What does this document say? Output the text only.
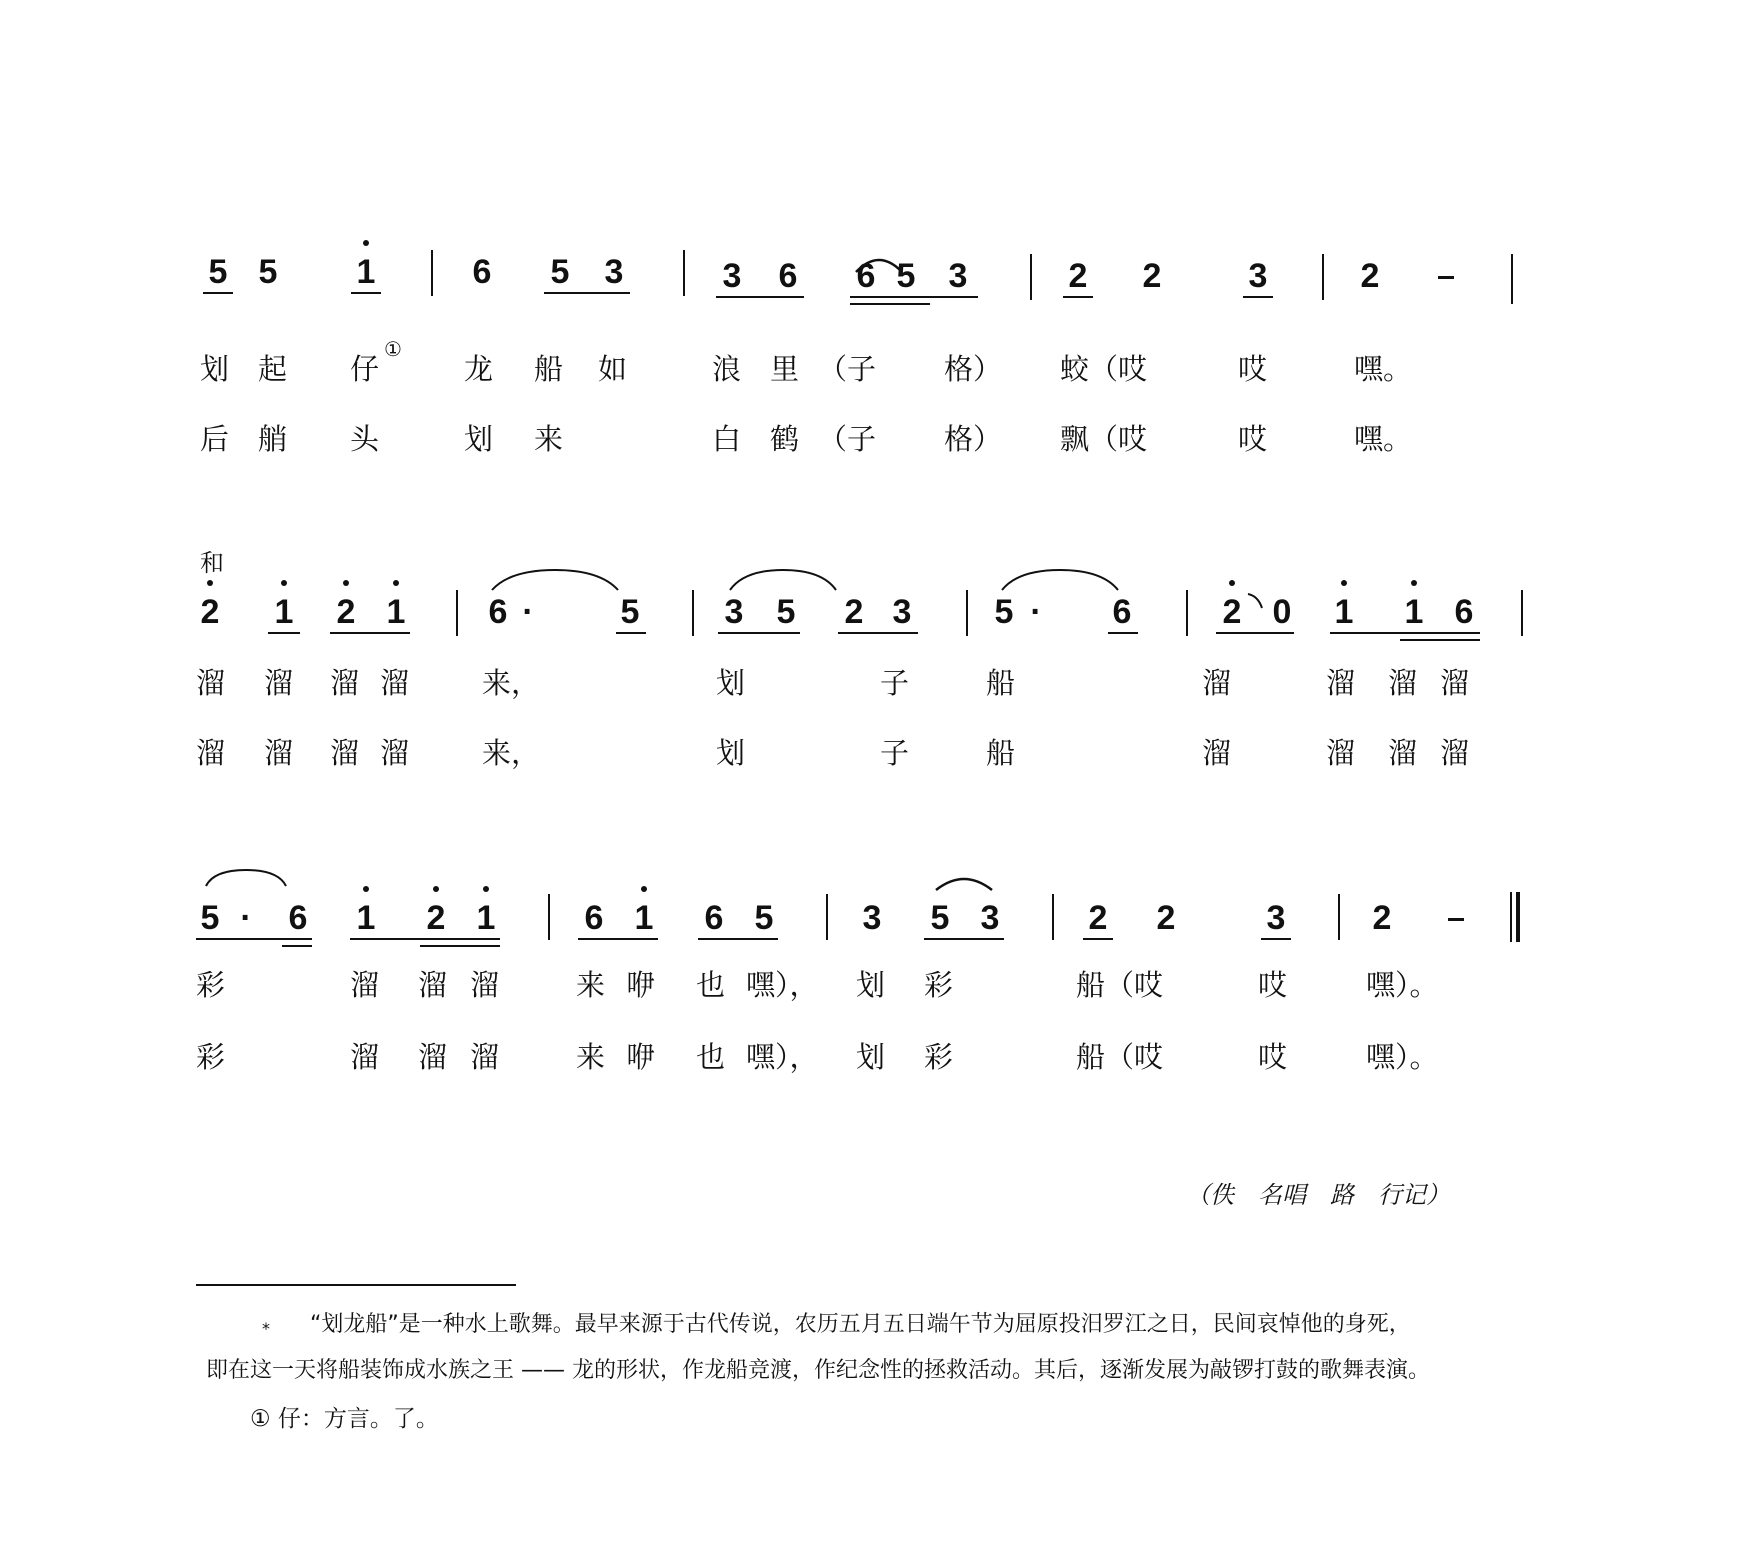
5 5	1	6	5	3	3	6	6 5 3	2	2	3	2
划 起 仔
①
龙 船 如	浪 里 （子 格） 蛟（哎	哎	嘿。
后 艄 头	划 来	白 鹤 （子 格） 飘（哎	哎	嘿。
和
2	1	2 1	6 ·	5	3 5	2 3	5 ·	6	2 0	1	1 6
溜 溜 溜 溜	来，	划	子	船	溜	溜 溜 溜
溜 溜 溜 溜	来，	划	子	船	溜	溜 溜 溜
5 ·	6	1	2 1	6 1	6 5	3	5 3	2	2	3	2
彩	溜 溜 溜	来 咿 也 嘿）， 划 彩	船（哎	哎	嘿）。
彩	溜 溜 溜	来 咿 也 嘿）， 划 彩	船（哎	哎	嘿）。
（佚　名唱　路　行记）
* “划龙船”是一种水上歌舞。最早来源于古代传说，农历五月五日端午节为屈原投汨罗江之日，民间哀悼他的身死，
即在这一天将船装饰成水族之王 —— 龙的形状，作龙船竞渡，作纪念性的拯救活动。其后，逐渐发展为敲锣打鼓的歌舞表演。
① 仔：方言。了。
